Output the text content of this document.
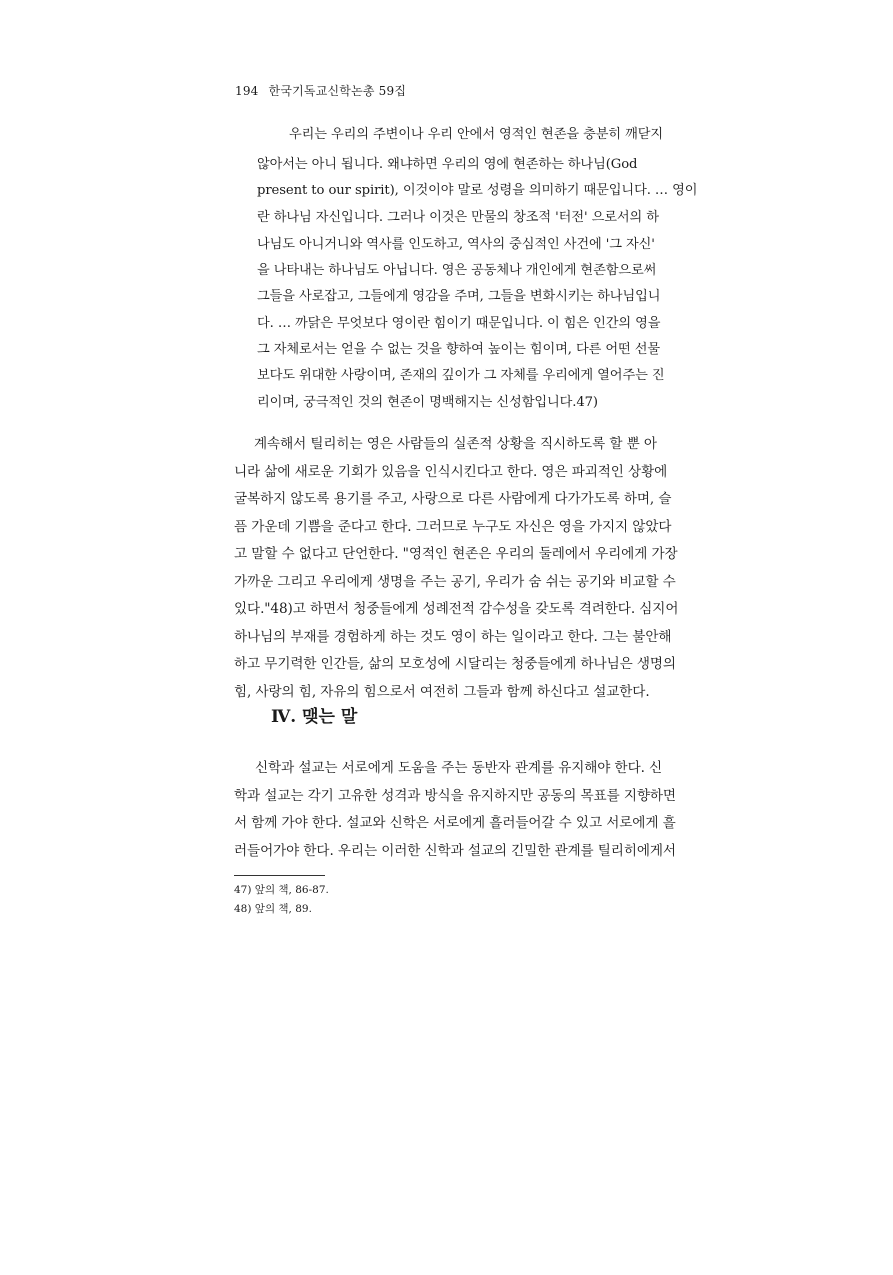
194 한국기독교신학논총 59집
우리는 우리의 주변이나 우리 안에서 영적인 현존을 충분히 깨닫지
않아서는 아니 됩니다. 왜냐하면 우리의 영에 현존하는 하나님(God
present to our spirit), 이것이야 말로 성령을 의미하기 때문입니다. … 영이
란 하나님 자신입니다. 그러나 이것은 만물의 창조적 '터전' 으로서의 하
나님도 아니거니와 역사를 인도하고, 역사의 중심적인 사건에 '그 자신'
을 나타내는 하나님도 아닙니다. 영은 공동체나 개인에게 현존함으로써
그들을 사로잡고, 그들에게 영감을 주며, 그들을 변화시키는 하나님입니
다. … 까닭은 무엇보다 영이란 힘이기 때문입니다. 이 힘은 인간의 영을
그 자체로서는 얻을 수 없는 것을 향하여 높이는 힘이며, 다른 어떤 선물
보다도 위대한 사랑이며, 존재의 깊이가 그 자체를 우리에게 열어주는 진
리이며, 궁극적인 것의 현존이 명백해지는 신성함입니다.47)
계속해서 틸리히는 영은 사람들의 실존적 상황을 직시하도록 할 뿐 아
니라 삶에 새로운 기회가 있음을 인식시킨다고 한다. 영은 파괴적인 상황에
굴복하지 않도록 용기를 주고, 사랑으로 다른 사람에게 다가가도록 하며, 슬
픔 가운데 기쁨을 준다고 한다. 그러므로 누구도 자신은 영을 가지지 않았다
고 말할 수 없다고 단언한다. "영적인 현존은 우리의 둘레에서 우리에게 가장
가까운 그리고 우리에게 생명을 주는 공기, 우리가 숨 쉬는 공기와 비교할 수
있다."48)고 하면서 청중들에게 성례전적 감수성을 갖도록 격려한다. 심지어
하나님의 부재를 경험하게 하는 것도 영이 하는 일이라고 한다. 그는 불안해
하고 무기력한 인간들, 삶의 모호성에 시달리는 청중들에게 하나님은 생명의
힘, 사랑의 힘, 자유의 힘으로서 여전히 그들과 함께 하신다고 설교한다.
Ⅳ. 맺는 말
신학과 설교는 서로에게 도움을 주는 동반자 관계를 유지해야 한다. 신
학과 설교는 각기 고유한 성격과 방식을 유지하지만 공동의 목표를 지향하면
서 함께 가야 한다. 설교와 신학은 서로에게 흘러들어갈 수 있고 서로에게 흘
러들어가야 한다. 우리는 이러한 신학과 설교의 긴밀한 관계를 틸리히에게서
47) 앞의 책, 86-87.
48) 앞의 책, 89.
